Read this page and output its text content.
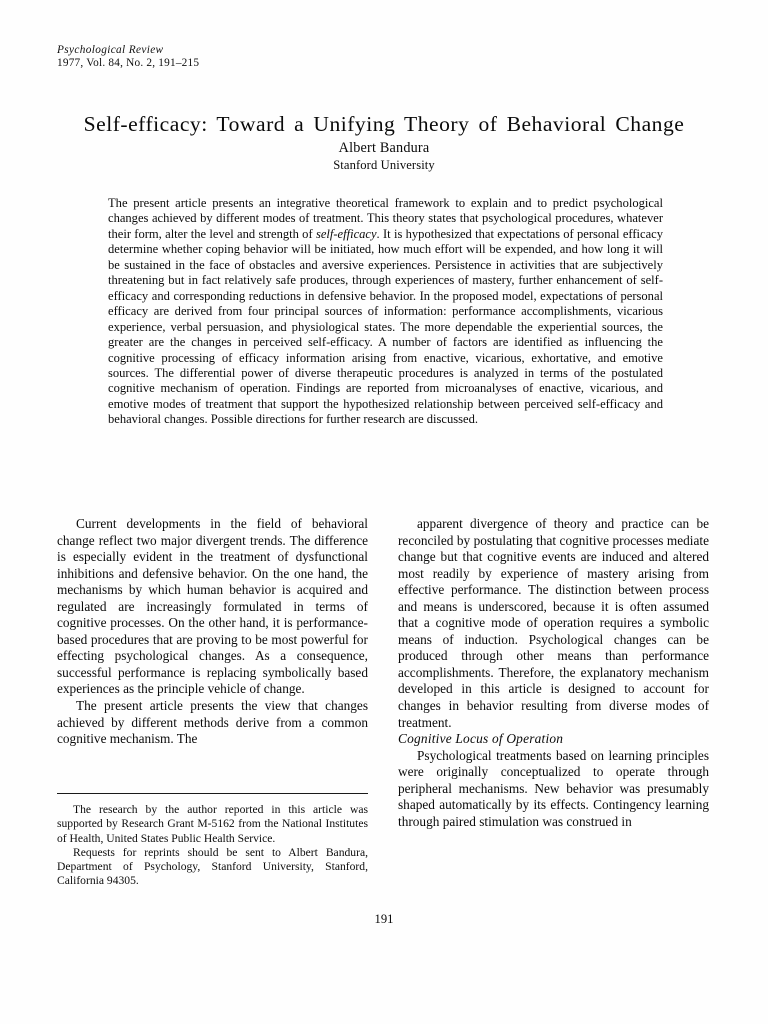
Psychological Review
1977, Vol. 84, No. 2, 191–215
Self-efficacy: Toward a Unifying Theory of Behavioral Change
Albert Bandura
Stanford University
The present article presents an integrative theoretical framework to explain and to predict psychological changes achieved by different modes of treatment. This theory states that psychological procedures, whatever their form, alter the level and strength of self-efficacy. It is hypothesized that expectations of personal efficacy determine whether coping behavior will be initiated, how much effort will be expended, and how long it will be sustained in the face of obstacles and aversive experiences. Persistence in activities that are subjectively threatening but in fact relatively safe produces, through experiences of mastery, further enhancement of self-efficacy and corresponding reductions in defensive behavior. In the proposed model, expectations of personal efficacy are derived from four principal sources of information: performance accomplishments, vicarious experience, verbal persuasion, and physiological states. The more dependable the experiential sources, the greater are the changes in perceived self-efficacy. A number of factors are identified as influencing the cognitive processing of efficacy information arising from enactive, vicarious, exhortative, and emotive sources. The differential power of diverse therapeutic procedures is analyzed in terms of the postulated cognitive mechanism of operation. Findings are reported from microanalyses of enactive, vicarious, and emotive modes of treatment that support the hypothesized relationship between perceived self-efficacy and behavioral changes. Possible directions for further research are discussed.

Current developments in the field of behavioral change reflect two major divergent trends. The difference is especially evident in the treatment of dysfunctional inhibitions and defensive behavior. On the one hand, the mechanisms by which human behavior is acquired and regulated are increasingly formulated in terms of cognitive processes. On the other hand, it is performance-based procedures that are proving to be most powerful for effecting psychological changes. As a consequence, successful performance is replacing symbolically based experiences as the principle vehicle of change.

The present article presents the view that changes achieved by different methods derive from a common cognitive mechanism. The

apparent divergence of theory and practice can be reconciled by postulating that cognitive processes mediate change but that cognitive events are induced and altered most readily by experience of mastery arising from effective performance. The distinction between process and means is underscored, because it is often assumed that a cognitive mode of operation requires a symbolic means of induction. Psychological changes can be produced through other means than performance accomplishments. Therefore, the explanatory mechanism developed in this article is designed to account for changes in behavior resulting from diverse modes of treatment.

Cognitive Locus of Operation

Psychological treatments based on learning principles were originally conceptualized to operate through peripheral mechanisms. New behavior was presumably shaped automatically by its effects. Contingency learning through paired stimulation was construed in

The research by the author reported in this article was supported by Research Grant M-5162 from the National Institutes of Health, United States Public Health Service.

Requests for reprints should be sent to Albert Bandura, Department of Psychology, Stanford University, Stanford, California 94305.

191
